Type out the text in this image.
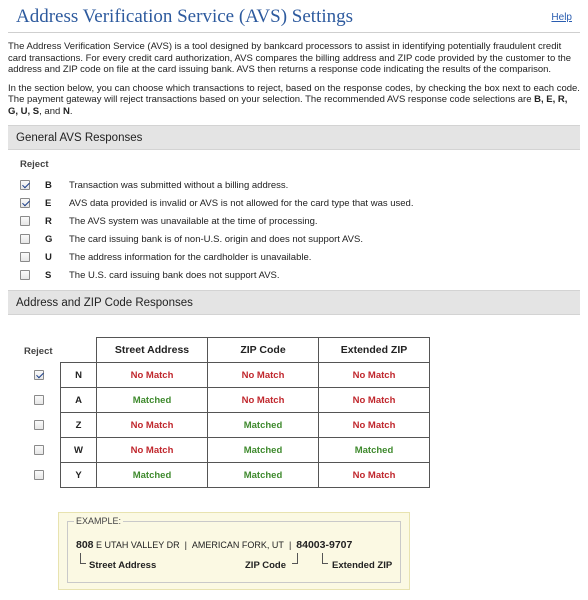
Address Verification Service (AVS) Settings	Help

The Address Verification Service (AVS) is a tool designed by bankcard processors to assist in identifying potentially fraudulent credit card transactions. For every credit card authorization, AVS compares the billing address and ZIP code provided by the customer to the address and ZIP code on file at the card issuing bank. AVS then returns a response code indicating the results of the comparison.

In the section below, you can choose which transactions to reject, based on the response codes, by checking the box next to each code. The payment gateway will reject transactions based on your selection. The recommended AVS response code selections are B, E, R, G, U, S, and N.

General AVS Responses
Reject
B	Transaction was submitted without a billing address.
E	AVS data provided is invalid or AVS is not allowed for the card type that was used.
R	The AVS system was unavailable at the time of processing.
G	The card issuing bank is of non-U.S. origin and does not support AVS.
U	The address information for the cardholder is unavailable.
S	The U.S. card issuing bank does not support AVS.
Address and ZIP Code Responses
Reject
		Street Address	ZIP Code	Extended ZIP
N	No Match	No Match	No Match
A	Matched	No Match	No Match
Z	No Match	Matched	No Match
W	No Match	Matched	Matched
Y	Matched	Matched	No Match
EXAMPLE:
808 E UTAH VALLEY DR | AMERICAN FORK, UT | 84003-9707
Street Address	ZIP Code	Extended ZIP
